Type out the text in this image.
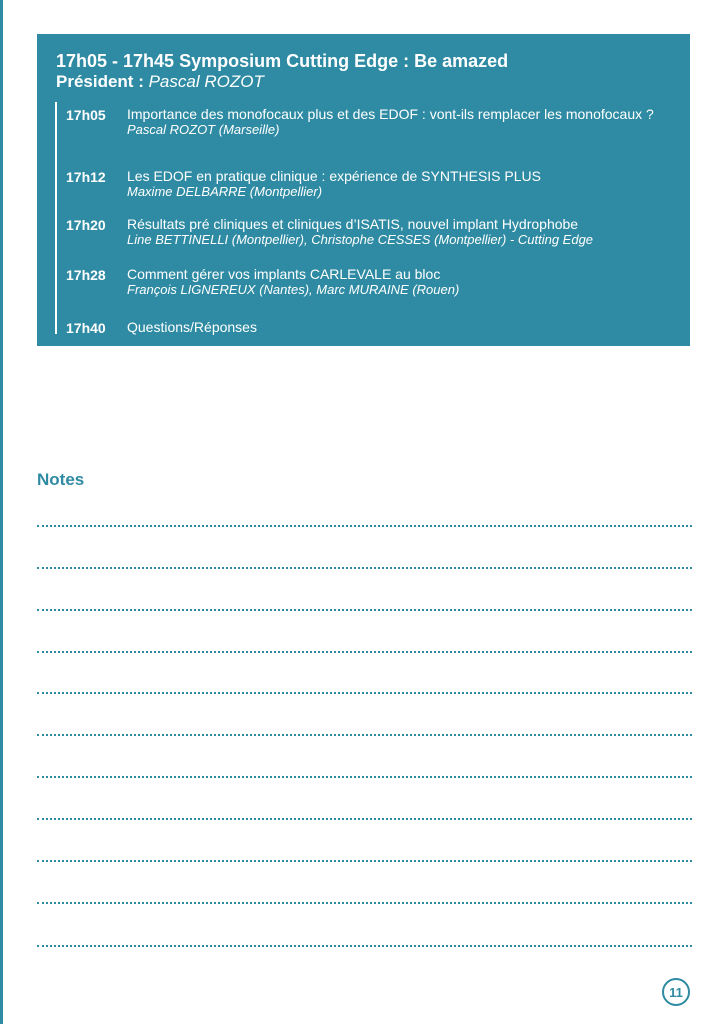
17h05 - 17h45 Symposium Cutting Edge : Be amazed
Président : Pascal ROZOT
17h05 Importance des monofocaux plus et des EDOF : vont-ils remplacer les monofocaux ?
Pascal ROZOT (Marseille)
17h12 Les EDOF en pratique clinique : expérience de SYNTHESIS PLUS
Maxime DELBARRE (Montpellier)
17h20 Résultats pré cliniques et cliniques d’ISATIS, nouvel implant Hydrophobe
Line BETTINELLI (Montpellier), Christophe CESSES (Montpellier) - Cutting Edge
17h28 Comment gérer vos implants CARLEVALE au bloc
François LIGNEREUX (Nantes), Marc MURAINE (Rouen)
17h40 Questions/Réponses
Notes
11
